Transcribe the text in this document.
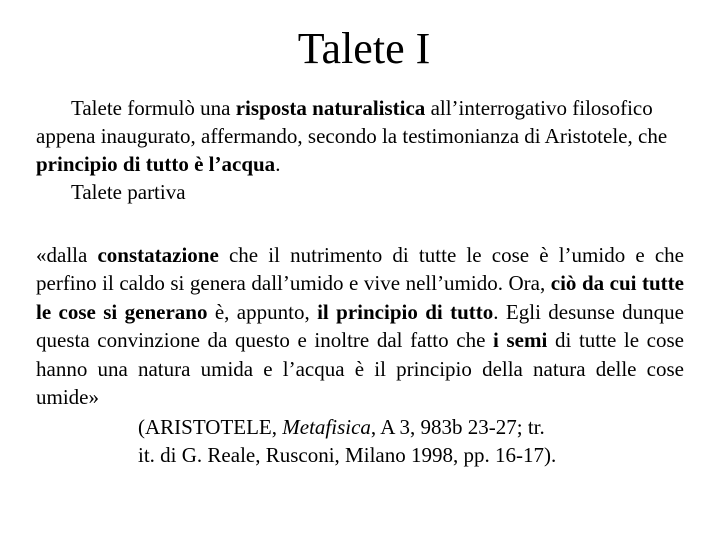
Talete I

Talete formulò una risposta naturalistica all’interrogativo filosofico appena inaugurato, affermando, secondo la testimonianza di Aristotele, che principio di tutto è l’acqua.

Talete partiva

«dalla constatazione che il nutrimento di tutte le cose è l’umido e che perfino il caldo si genera dall’umido e vive nell’umido. Ora, ciò da cui tutte le cose si generano è, appunto, il principio di tutto. Egli desunse dunque questa convinzione da questo e inoltre dal fatto che i semi di tutte le cose hanno una natura umida e l’acqua è il principio della natura delle cose umide»
(ARISTOTELE, Metafisica, A 3, 983b 23-27; tr.
it. di G. Reale, Rusconi, Milano 1998, pp. 16-17).
